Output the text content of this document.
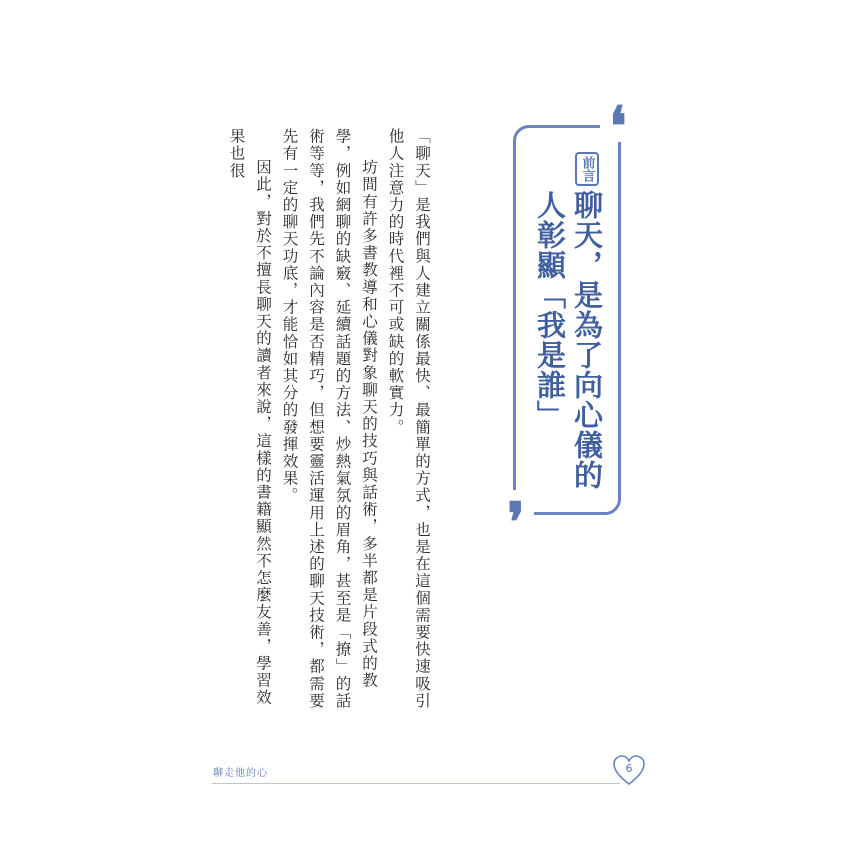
❛
❜
前言
聊天，是為了向心儀的人彰顯「我是誰」

「聊天」是我們與人建立關係最快、最簡單的方式，也是在這個需要快速吸引他人注意力的時代裡不可或缺的軟實力。

坊間有許多書教導和心儀對象聊天的技巧與話術，多半都是片段式的教學，例如網聊的缺竅、延續話題的方法、炒熱氣氛的眉角，甚至是「撩」的話術等等，我們先不論內容是否精巧，但想要靈活運用上述的聊天技術，都需要先有一定的聊天功底，才能恰如其分的發揮效果。

因此，對於不擅長聊天的讀者來說，這樣的書籍顯然不怎麼友善，學習效果也很

聊走他的心	6
